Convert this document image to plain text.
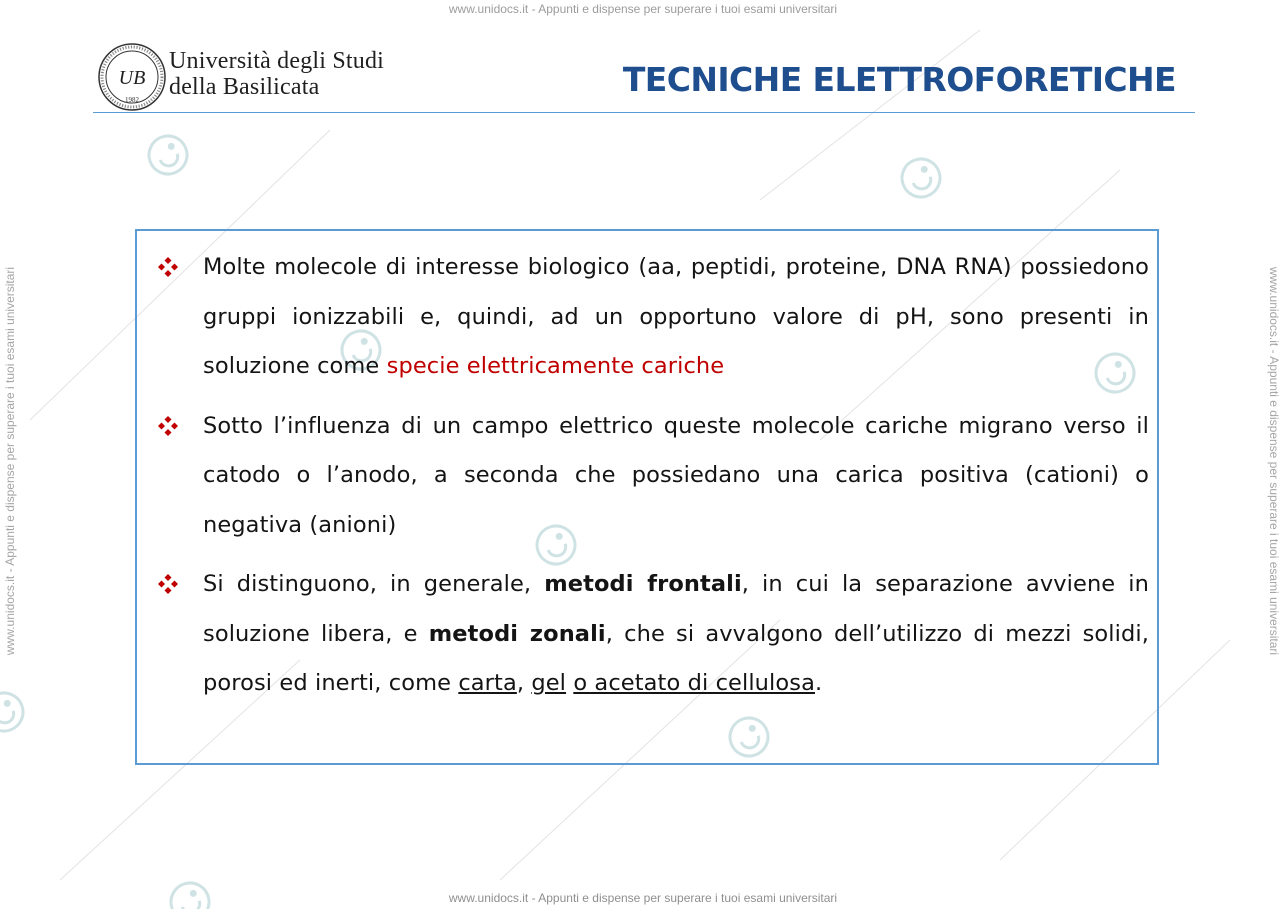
www.unidocs.it - Appunti e dispense per superare i tuoi esami universitari
www.unidocs.it - Appunti e dispense per superare i tuoi esami universitari
www.unidocs.it - Appunti e dispense per superare i tuoi esami universitari	www.unidocs.it - Appunti e dispense per superare i tuoi esami universitari
UB
1982
Università degli Studi
della Basilicata	TECNICHE ELETTROFORETICHE
Molte molecole di interesse biologico (aa, peptidi, proteine, DNA RNA) possiedono gruppi ionizzabili e, quindi, ad un opportuno valore di pH, sono presenti in soluzione come specie elettricamente cariche
Sotto l’influenza di un campo elettrico queste molecole cariche migrano verso il catodo o l’anodo, a seconda che possiedano una carica positiva (cationi) o negativa (anioni)
Si distinguono, in generale, metodi frontali, in cui la separazione avviene in soluzione libera, e metodi zonali, che si avvalgono dell’utilizzo di mezzi solidi, porosi ed inerti, come carta, gel o acetato di cellulosa.
